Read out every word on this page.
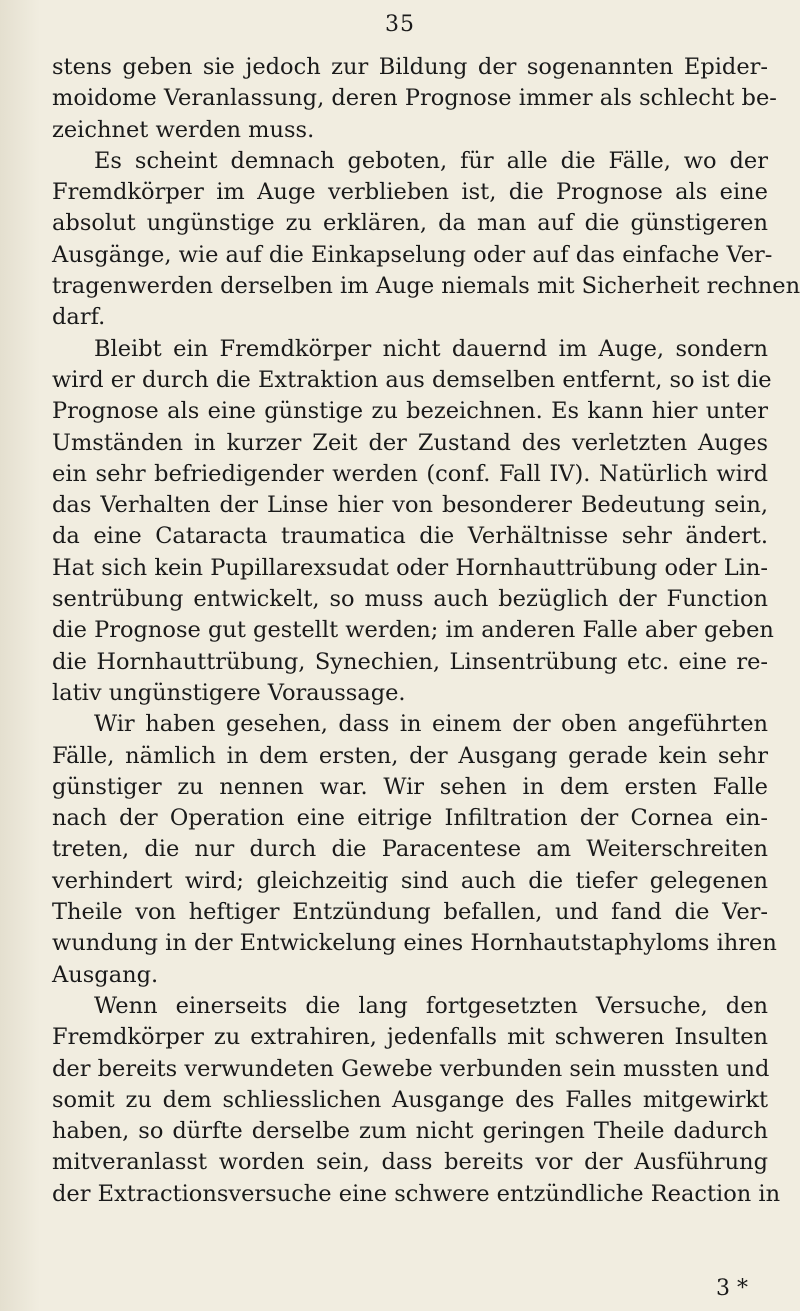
35
stens geben sie jedoch zur Bildung der sogenannten Epider-
moidome Veranlassung, deren Prognose immer als schlecht be-
zeichnet werden muss.
Es scheint demnach geboten, für alle die Fälle, wo der
Fremdkörper im Auge verblieben ist, die Prognose als eine
absolut ungünstige zu erklären, da man auf die günstigeren
Ausgänge, wie auf die Einkapselung oder auf das einfache Ver-
tragenwerden derselben im Auge niemals mit Sicherheit rechnen
darf.
Bleibt ein Fremdkörper nicht dauernd im Auge, sondern
wird er durch die Extraktion aus demselben entfernt, so ist die
Prognose als eine günstige zu bezeichnen. Es kann hier unter
Umständen in kurzer Zeit der Zustand des verletzten Auges
ein sehr befriedigender werden (conf. Fall IV). Natürlich wird
das Verhalten der Linse hier von besonderer Bedeutung sein,
da eine Cataracta traumatica die Verhältnisse sehr ändert.
Hat sich kein Pupillarexsudat oder Hornhauttrübung oder Lin-
sentrübung entwickelt, so muss auch bezüglich der Function
die Prognose gut gestellt werden; im anderen Falle aber geben
die Hornhauttrübung, Synechien, Linsentrübung etc. eine re-
lativ ungünstigere Voraussage.
Wir haben gesehen, dass in einem der oben angeführten
Fälle, nämlich in dem ersten, der Ausgang gerade kein sehr
günstiger zu nennen war. Wir sehen in dem ersten Falle
nach der Operation eine eitrige Infiltration der Cornea ein-
treten, die nur durch die Paracentese am Weiterschreiten
verhindert wird; gleichzeitig sind auch die tiefer gelegenen
Theile von heftiger Entzündung befallen, und fand die Ver-
wundung in der Entwickelung eines Hornhautstaphyloms ihren
Ausgang.
Wenn einerseits die lang fortgesetzten Versuche, den
Fremdkörper zu extrahiren, jedenfalls mit schweren Insulten
der bereits verwundeten Gewebe verbunden sein mussten und
somit zu dem schliesslichen Ausgange des Falles mitgewirkt
haben, so dürfte derselbe zum nicht geringen Theile dadurch
mitveranlasst worden sein, dass bereits vor der Ausführung
der Extractionsversuche eine schwere entzündliche Reaction in
3 *
